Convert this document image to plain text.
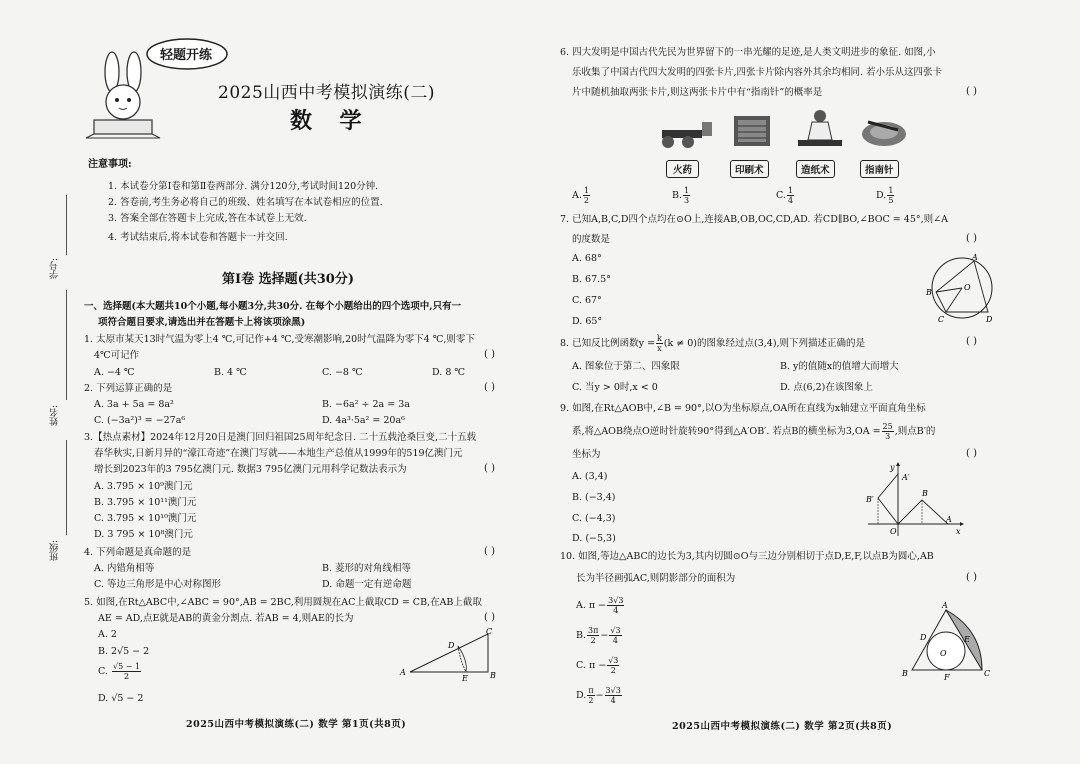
学号:
姓名:
班级:
轻题开练
2025山西中考模拟演练(二)
数 学
注意事项:
1. 本试卷分第Ⅰ卷和第Ⅱ卷两部分. 满分120分,考试时间120分钟.
2. 答卷前,考生务必将自己的班级、姓名填写在本试卷相应的位置.
3. 答案全部在答题卡上完成,答在本试卷上无效.
4. 考试结束后,将本试卷和答题卡一并交回.
第Ⅰ卷 选择题(共30分)
一、选择题(本大题共10个小题,每小题3分,共30分. 在每个小题给出的四个选项中,只有一
项符合题目要求,请选出并在答题卡上将该项涂黑)
1. 太原市某天13时气温为零上4 ℃,可记作+4 ℃,受寒潮影响,20时气温降为零下4 ℃,则零下
4℃可记作	( )
A. −4 ℃	B. 4 ℃	C. −8 ℃	D. 8 ℃
2. 下列运算正确的是	( )
A. 3a + 5a = 8a²	B. −6a² ÷ 2a = 3a
C. (−3a²)³ = −27a⁶	D. 4a³·5a² = 20a⁶
3.【热点素材】2024年12月20日是澳门回归祖国25周年纪念日. 二十五载沧桑巨变,二十五载
春华秋实,日新月异的“濠江奇迹”在澳门写就——本地生产总值从1999年的519亿澳门元
增长到2023年的3 795亿澳门元. 数据3 795亿澳门元用科学记数法表示为	( )
A. 3.795 × 10⁹澳门元
B. 3.795 × 10¹¹澳门元
C. 3.795 × 10¹⁰澳门元
D. 3 795 × 10⁸澳门元
4. 下列命题是真命题的是	( )
A. 内错角相等	B. 菱形的对角线相等
C. 等边三角形是中心对称图形	D. 命题一定有逆命题
5. 如图,在Rt△ABC中,∠ABC = 90°,AB = 2BC,利用圆规在AC上截取CD = CB,在AB上截取
AE = AD,点E就是AB的黄金分割点. 若AB = 4,则AE的长为	( )
A. 2
B. 2√5 − 2
C. $\frac{√5 - 1}{2}$
D. √5 − 2
A	B
C
D
E
2025山西中考模拟演练(二) 数学 第1页(共8页)
6. 四大发明是中国古代先民为世界留下的一串光耀的足迹,是人类文明进步的象征. 如图,小
乐收集了中国古代四大发明的四张卡片,四张卡片除内容外其余均相同. 若小乐从这四张卡
片中随机抽取两张卡片,则这两张卡片中有“指南针”的概率是	( )
火药	印刷术	造纸术	指南针
A. $\frac{1}{2}$	B. $\frac{1}{3}$	C. $\frac{1}{4}$	D. $\frac{1}{5}$
7. 已知A,B,C,D四个点均在⊙O上,连接AB,OB,OC,CD,AD. 若CD∥BO,∠BOC = 45°,则∠A
的度数是	( )
A. 68°
B. 67.5°
C. 67°
D. 65°
A
B
C	D
O
8. 已知反比例函数$y = \frac{k}{x} (k \ne 0)$的图象经过点(3,4),则下列描述正确的是	( )
A. 图象位于第二、四象限	B. y的值随x的值增大而增大
C. 当y > 0时,x < 0	D. 点(6,2)在该图象上
9. 如图,在Rt△AOB中,∠B = 90°,以O为坐标原点,OA所在直线为x轴建立平面直角坐标
系,将△AOB绕点O逆时针旋转90°得到△A′OB′. 若点B的横坐标为$3,OA = \frac{25}{3}$ ,则点B′的
坐标为	( )
A. (3,4)
B. (−3,4)
C. (−4,3)
D. (−5,3)
y
x
A′
B′
B
O
A
10. 如图,等边△ABC的边长为3,其内切圆⊙O与三边分别相切于点D,E,F,以点B为圆心,AB
长为半径画弧AC,则阴影部分的面积为	( )
A. $\pi - \frac{3√3}{4}$
B. $\frac{3\pi}{2} - \frac{√3}{4}$
C. $\pi - \frac{√3}{2}$
D. $\frac{\pi}{2} - \frac{3√3}{4}$
A
B	C
D	E
F
O
2025山西中考模拟演练(二) 数学 第2页(共8页)
